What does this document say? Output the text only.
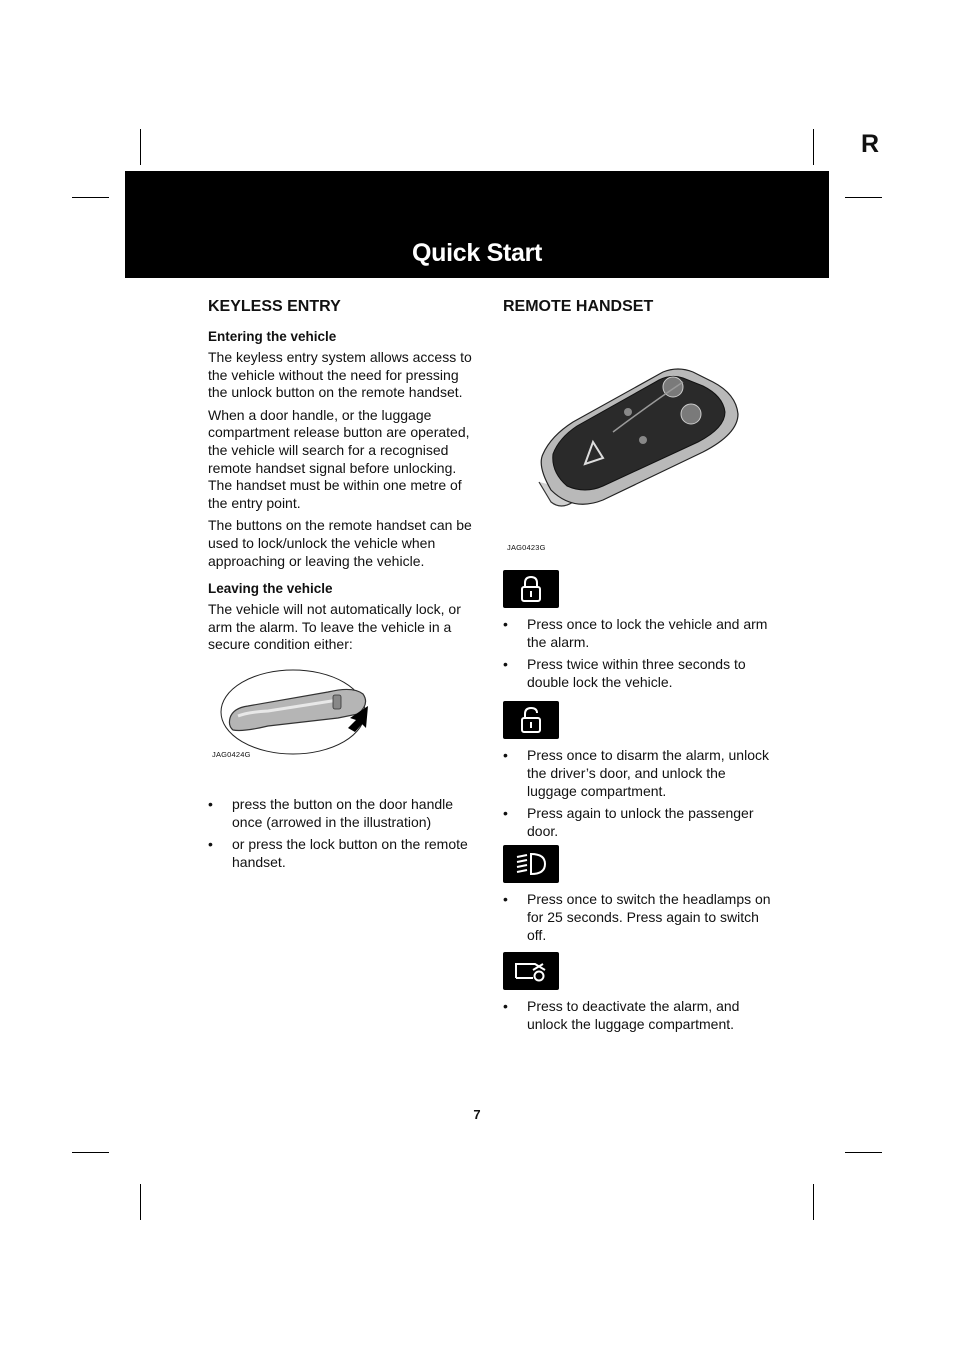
R
Quick Start
KEYLESS ENTRY
Entering the vehicle

The keyless entry system allows access to the vehicle without the need for pressing the unlock button on the remote handset.

When a door handle, or the luggage compartment release button are operated, the vehicle will search for a recognised remote handset signal before unlocking. The handset must be within one metre of the entry point.

The buttons on the remote handset can be used to lock/unlock the vehicle when approaching or leaving the vehicle.

Leaving the vehicle

The vehicle will not automatically lock, or arm the alarm. To leave the vehicle in a secure condition either:

JAG0424G
• press the button on the door handle once (arrowed in the illustration)
• or press the lock button on the remote handset.
REMOTE HANDSET
JAG0423G
• Press once to lock the vehicle and arm the alarm.
• Press twice within three seconds to double lock the vehicle.
• Press once to disarm the alarm, unlock the driver’s door, and unlock the luggage compartment.
• Press again to unlock the passenger door.
• Press once to switch the headlamps on for 25 seconds. Press again to switch off.
• Press to deactivate the alarm, and unlock the luggage compartment.
7
